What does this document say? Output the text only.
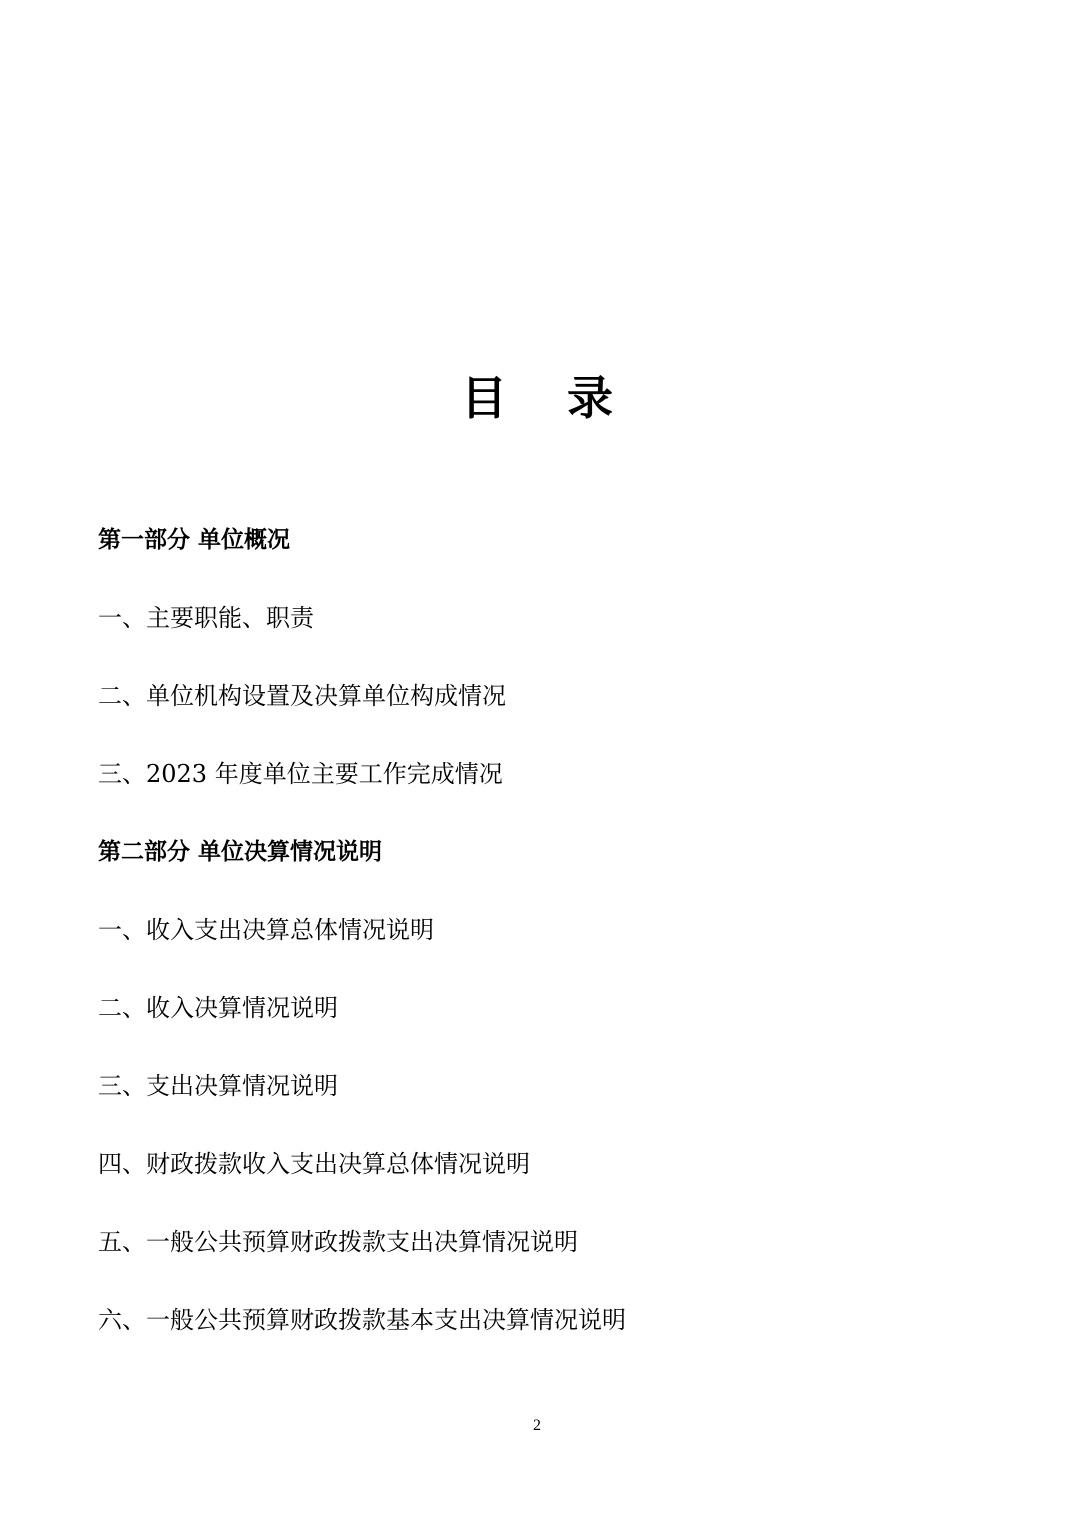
目 录
第一部分 单位概况
一、主要职能、职责
二、单位机构设置及决算单位构成情况
三、2023 年度单位主要工作完成情况
第二部分 单位决算情况说明
一、收入支出决算总体情况说明
二、收入决算情况说明
三、支出决算情况说明
四、财政拨款收入支出决算总体情况说明
五、一般公共预算财政拨款支出决算情况说明
六、一般公共预算财政拨款基本支出决算情况说明
2
